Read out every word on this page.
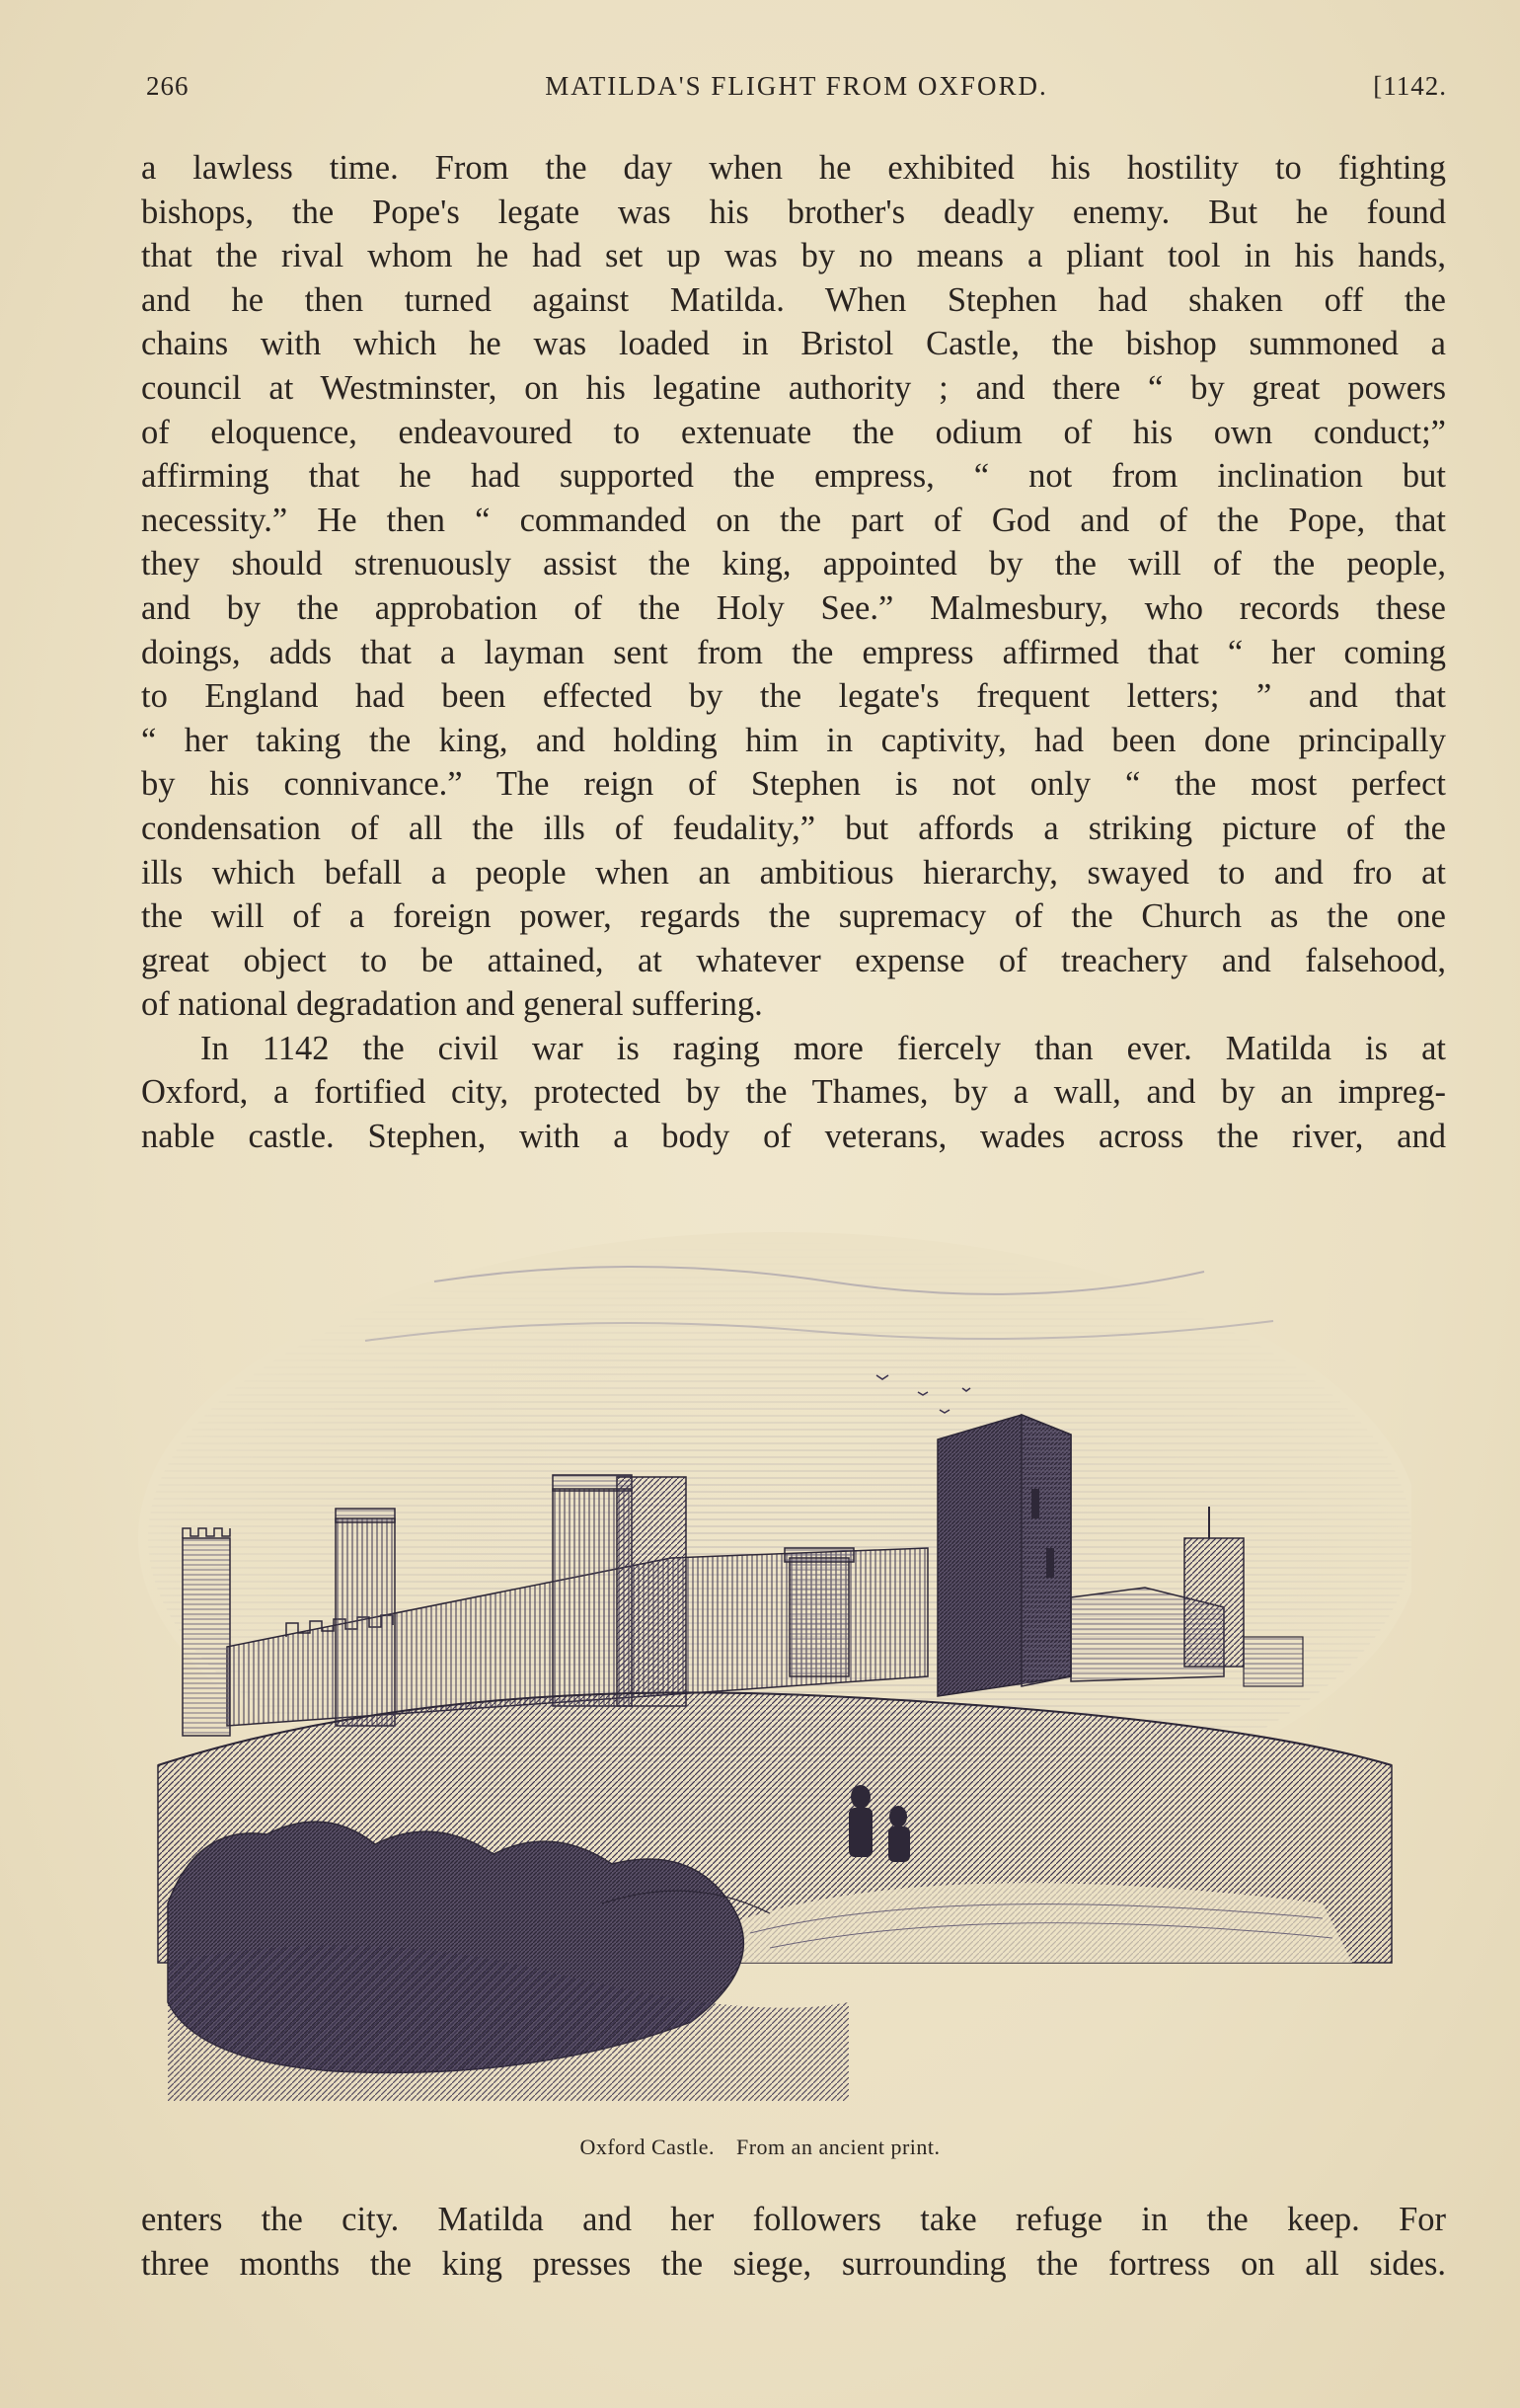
266	MATILDA'S FLIGHT FROM OXFORD.	[1142.
a lawless time. From the day when he exhibited his hostility to fighting
bishops, the Pope's legate was his brother's deadly enemy. But he found
that the rival whom he had set up was by no means a pliant tool in his hands,
and he then turned against Matilda. When Stephen had shaken off the
chains with which he was loaded in Bristol Castle, the bishop summoned a
council at Westminster, on his legatine authority ; and there “ by great powers
of eloquence, endeavoured to extenuate the odium of his own conduct;”
affirming that he had supported the empress, “ not from inclination but
necessity.” He then “ commanded on the part of God and of the Pope, that
they should strenuously assist the king, appointed by the will of the people,
and by the approbation of the Holy See.” Malmesbury, who records these
doings, adds that a layman sent from the empress affirmed that “ her coming
to England had been effected by the legate's frequent letters; ” and that
“ her taking the king, and holding him in captivity, had been done principally
by his connivance.” The reign of Stephen is not only “ the most perfect
condensation of all the ills of feudality,” but affords a striking picture of the
ills which befall a people when an ambitious hierarchy, swayed to and fro at
the will of a foreign power, regards the supremacy of the Church as the one
great object to be attained, at whatever expense of treachery and falsehood,
of national degradation and general suffering.
In 1142 the civil war is raging more fiercely than ever. Matilda is at
Oxford, a fortified city, protected by the Thames, by a wall, and by an impreg-
nable castle. Stephen, with a body of veterans, wades across the river, and
Oxford Castle. From an ancient print.
enters the city. Matilda and her followers take refuge in the keep. For
three months the king presses the siege, surrounding the fortress on all sides.
